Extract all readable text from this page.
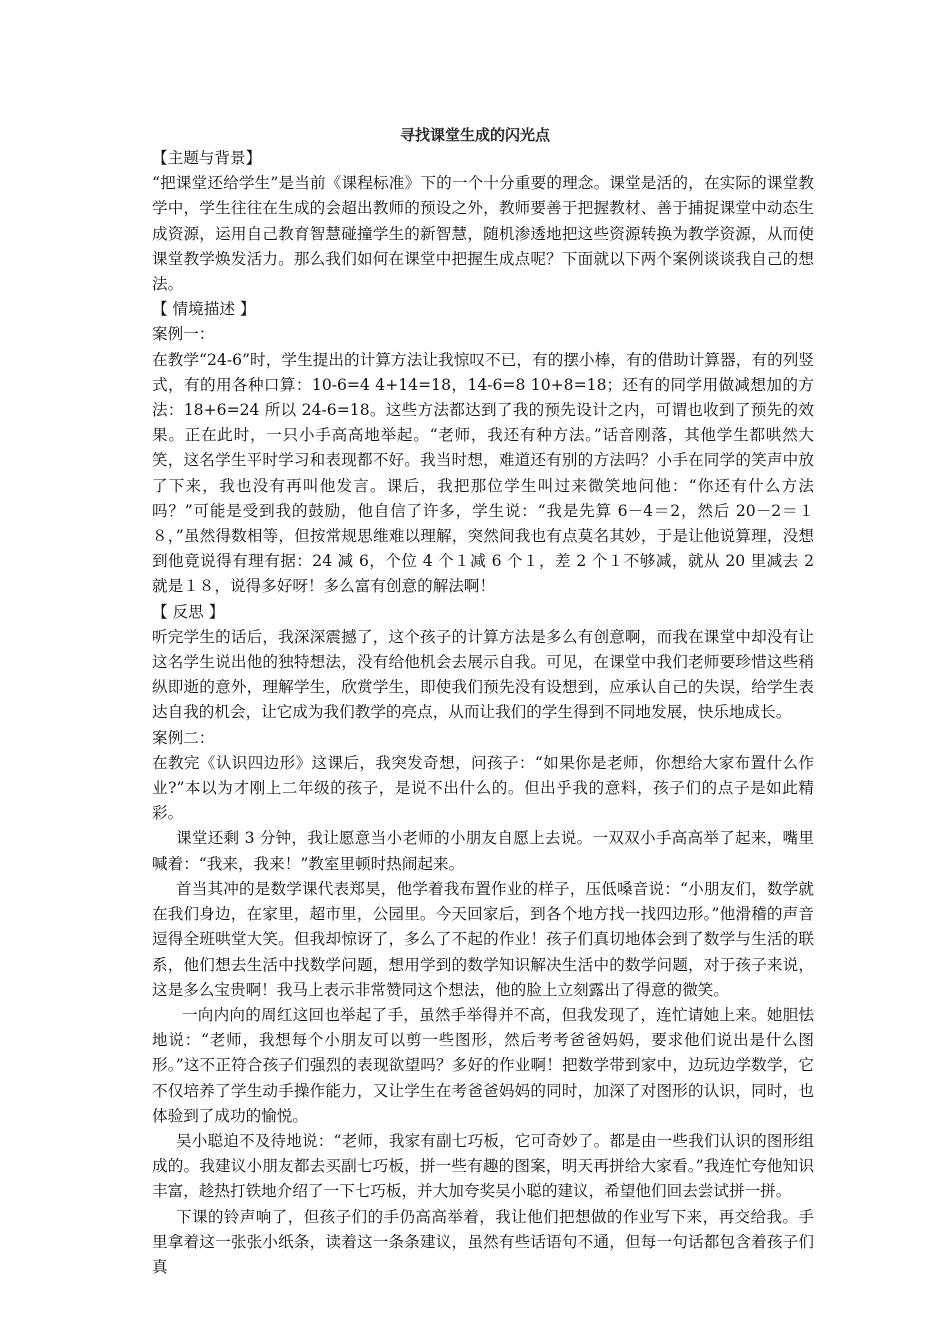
寻找课堂生成的闪光点

【主题与背景】

“把课堂还给学生”是当前《课程标准》下的一个十分重要的理念。课堂是活的，在实际的课堂教学中，学生往往在生成的会超出教师的预设之外，教师要善于把握教材、善于捕捉课堂中动态生成资源，运用自己教育智慧碰撞学生的新智慧，随机渗透地把这些资源转换为教学资源，从而使课堂教学焕发活力。那么我们如何在课堂中把握生成点呢？下面就以下两个案例谈谈我自己的想法。

【 情境描述 】

案例一：

在教学“24-6”时，学生提出的计算方法让我惊叹不已，有的摆小棒，有的借助计算器，有的列竖式，有的用各种口算：10-6=4 4+14=18，14-6=8 10+8=18；还有的同学用做减想加的方法：18+6=24 所以 24-6=18。这些方法都达到了我的预先设计之内，可谓也收到了预先的效果。正在此时，一只小手高高地举起。“老师，我还有种方法。”话音刚落，其他学生都哄然大笑，这名学生平时学习和表现都不好。我当时想，难道还有别的方法吗？小手在同学的笑声中放了下来，我也没有再叫他发言。课后，我把那位学生叫过来微笑地问他：“你还有什么方法吗？”可能是受到我的鼓励，他自信了许多，学生说：“我是先算 6－4＝2，然后 20－2＝１８，”虽然得数相等，但按常规思维难以理解，突然间我也有点莫名其妙，于是让他说算理，没想到他竟说得有理有据：24 减 6，个位 4 个１减 6 个１，差 2 个１不够减，就从 20 里减去 2 就是１８，说得多好呀！多么富有创意的解法啊！

【 反思 】

听完学生的话后，我深深震撼了，这个孩子的计算方法是多么有创意啊，而我在课堂中却没有让这名学生说出他的独特想法，没有给他机会去展示自我。可见，在课堂中我们老师要珍惜这些稍纵即逝的意外，理解学生，欣赏学生，即使我们预先没有设想到，应承认自己的失误，给学生表达自我的机会，让它成为我们教学的亮点，从而让我们的学生得到不同地发展，快乐地成长。

案例二：

在教完《认识四边形》这课后，我突发奇想，问孩子：“如果你是老师，你想给大家布置什么作业?”本以为才刚上二年级的孩子，是说不出什么的。但出乎我的意料，孩子们的点子是如此精彩。

课堂还剩 3 分钟，我让愿意当小老师的小朋友自愿上去说。一双双小手高高举了起来，嘴里喊着：“我来，我来！”教室里顿时热闹起来。

首当其冲的是数学课代表郑昊，他学着我布置作业的样子，压低嗓音说：“小朋友们，数学就在我们身边，在家里，超市里，公园里。今天回家后，到各个地方找一找四边形。”他滑稽的声音逗得全班哄堂大笑。但我却惊讶了，多么了不起的作业！孩子们真切地体会到了数学与生活的联系，他们想去生活中找数学问题，想用学到的数学知识解决生活中的数学问题，对于孩子来说，这是多么宝贵啊！我马上表示非常赞同这个想法，他的脸上立刻露出了得意的微笑。

一向内向的周红这回也举起了手，虽然手举得并不高，但我发现了，连忙请她上来。她胆怯地说：“老师，我想每个小朋友可以剪一些图形，然后考考爸爸妈妈，要求他们说出是什么图形。”这不正符合孩子们强烈的表现欲望吗？多好的作业啊！把数学带到家中，边玩边学数学，它不仅培养了学生动手操作能力，又让学生在考爸爸妈妈的同时，加深了对图形的认识，同时，也体验到了成功的愉悦。

吴小聪迫不及待地说：“老师，我家有副七巧板，它可奇妙了。都是由一些我们认识的图形组成的。我建议小朋友都去买副七巧板，拼一些有趣的图案，明天再拼给大家看。”我连忙夸他知识丰富，趁热打铁地介绍了一下七巧板，并大加夸奖吴小聪的建议，希望他们回去尝试拼一拼。

下课的铃声响了，但孩子们的手仍高高举着，我让他们把想做的作业写下来，再交给我。手里拿着这一张张小纸条，读着这一条条建议，虽然有些话语句不通，但每一句话都包含着孩子们真
